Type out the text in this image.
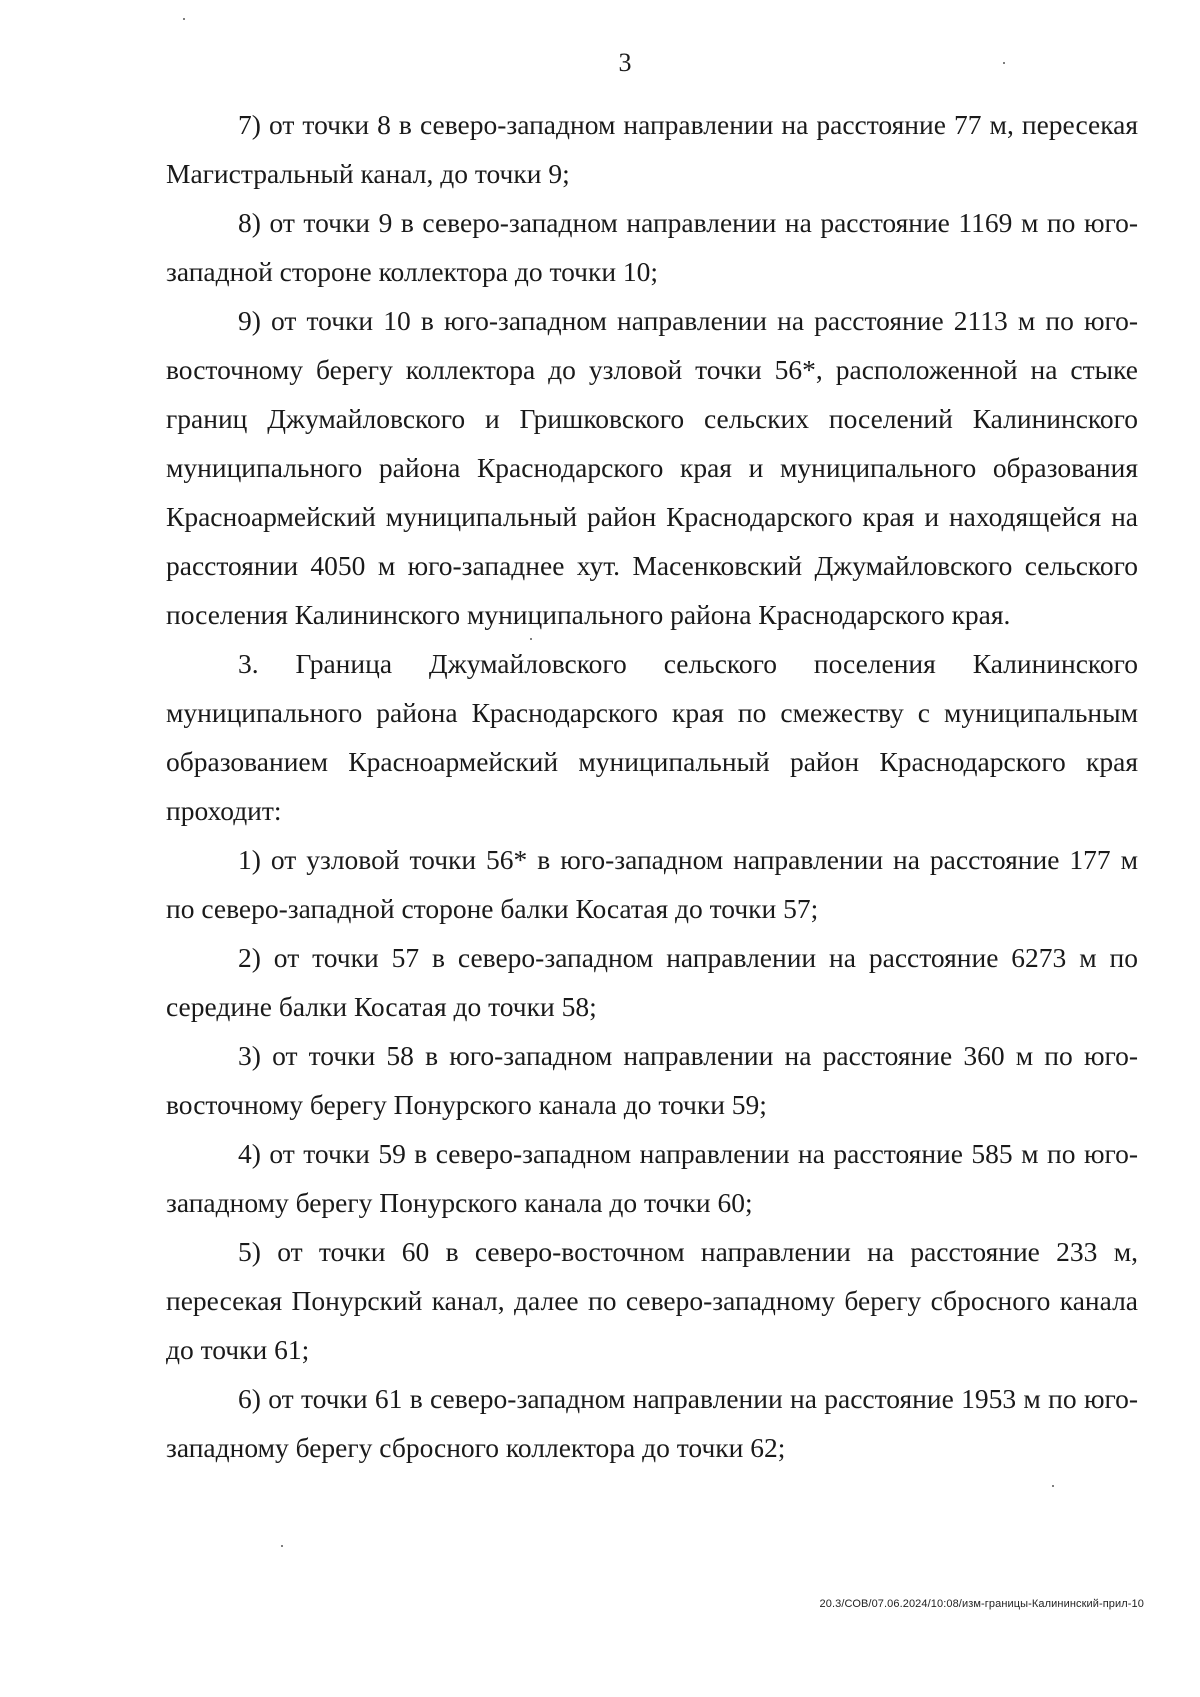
3

7) от точки 8 в северо-западном направлении на расстояние 77 м, пересекая Магистральный канал, до точки 9;

8) от точки 9 в северо-западном направлении на расстояние 1169 м по юго-западной стороне коллектора до точки 10;

9) от точки 10 в юго-западном направлении на расстояние 2113 м по юго-восточному берегу коллектора до узловой точки 56*, расположенной на стыке границ Джумайловского и Гришковского сельских поселений Калининского муниципального района Краснодарского края и муниципального образования Красноармейский муниципальный район Краснодарского края и находящейся на расстоянии 4050 м юго-западнее хут. Масенковский Джумайловского сельского поселения Калининского муниципального района Краснодарского края.

3. Граница Джумайловского сельского поселения Калининского муниципального района Краснодарского края по смежеству с муниципальным образованием Красноармейский муниципальный район Краснодарского края проходит:

1) от узловой точки 56* в юго-западном направлении на расстояние 177 м по северо-западной стороне балки Косатая до точки 57;

2) от точки 57 в северо-западном направлении на расстояние 6273 м по середине балки Косатая до точки 58;

3) от точки 58 в юго-западном направлении на расстояние 360 м по юго-восточному берегу Понурского канала до точки 59;

4) от точки 59 в северо-западном направлении на расстояние 585 м по юго-западному берегу Понурского канала до точки 60;

5) от точки 60 в северо-восточном направлении на расстояние 233 м, пересекая Понурский канал, далее по северо-западному берегу сбросного канала до точки 61;

6) от точки 61 в северо-западном направлении на расстояние 1953 м по юго-западному берегу сбросного коллектора до точки 62;

20.3/СОВ/07.06.2024/10:08/изм-границы-Калининский-прил-10
